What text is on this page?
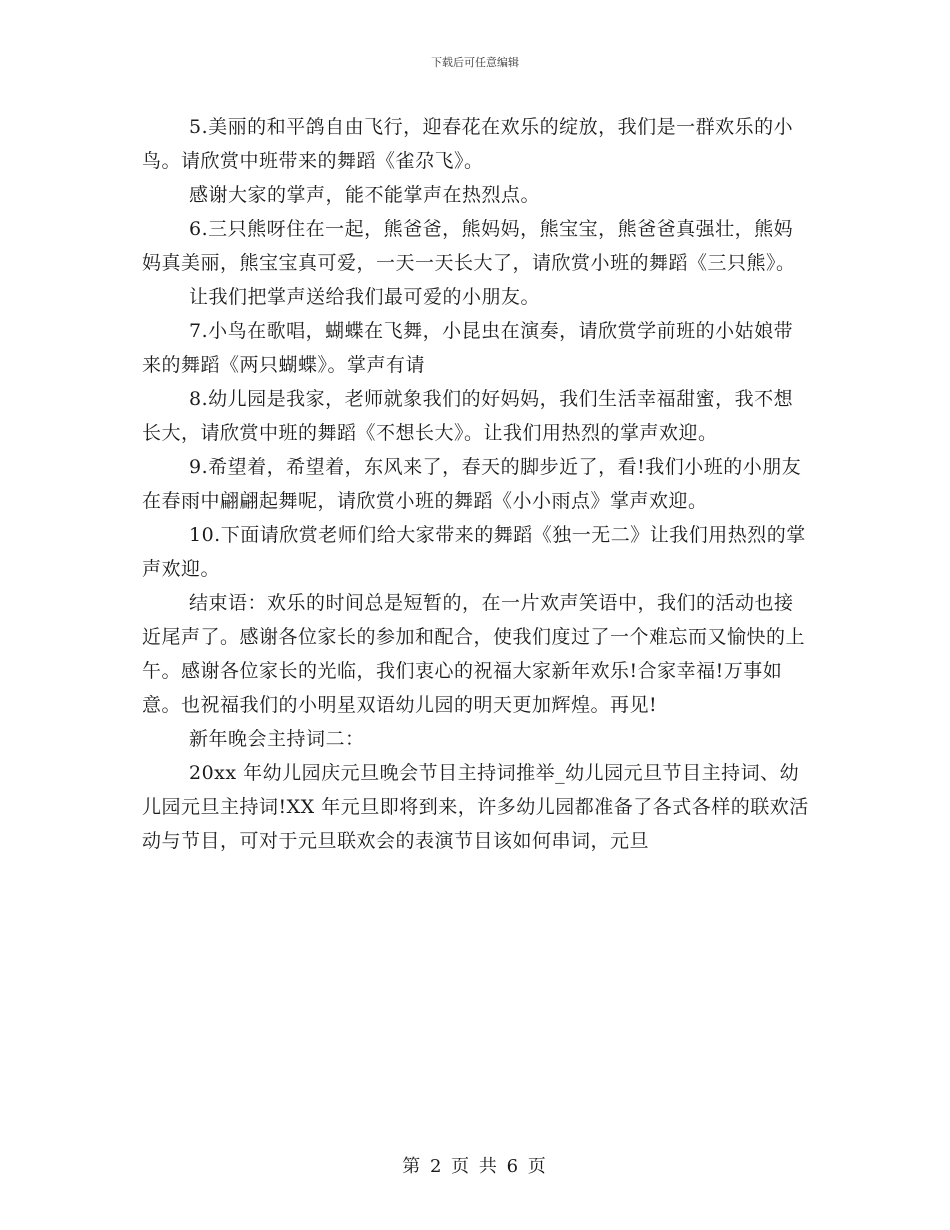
下载后可任意编辑

5.美丽的和平鸽自由飞行，迎春花在欢乐的绽放，我们是一群欢乐的小鸟。请欣赏中班带来的舞蹈《雀尕飞》。

感谢大家的掌声，能不能掌声在热烈点。

6.三只熊呀住在一起，熊爸爸，熊妈妈，熊宝宝，熊爸爸真强壮，熊妈妈真美丽，熊宝宝真可爱，一天一天长大了，请欣赏小班的舞蹈《三只熊》。

让我们把掌声送给我们最可爱的小朋友。

7.小鸟在歌唱，蝴蝶在飞舞，小昆虫在演奏，请欣赏学前班的小姑娘带来的舞蹈《两只蝴蝶》。掌声有请

8.幼儿园是我家，老师就象我们的好妈妈，我们生活幸福甜蜜，我不想长大，请欣赏中班的舞蹈《不想长大》。让我们用热烈的掌声欢迎。

9.希望着，希望着，东风来了，春天的脚步近了，看!我们小班的小朋友在春雨中翩翩起舞呢，请欣赏小班的舞蹈《小小雨点》掌声欢迎。

10.下面请欣赏老师们给大家带来的舞蹈《独一无二》让我们用热烈的掌声欢迎。

结束语：欢乐的时间总是短暂的，在一片欢声笑语中，我们的活动也接近尾声了。感谢各位家长的参加和配合，使我们度过了一个难忘而又愉快的上午。感谢各位家长的光临，我们衷心的祝福大家新年欢乐!合家幸福!万事如意。也祝福我们的小明星双语幼儿园的明天更加辉煌。再见!

新年晚会主持词二：

20xx 年幼儿园庆元旦晚会节目主持词推举_幼儿园元旦节目主持词、幼儿园元旦主持词!XX 年元旦即将到来，许多幼儿园都准备了各式各样的联欢活动与节目，可对于元旦联欢会的表演节目该如何串词，元旦

第 2 页 共 6 页
